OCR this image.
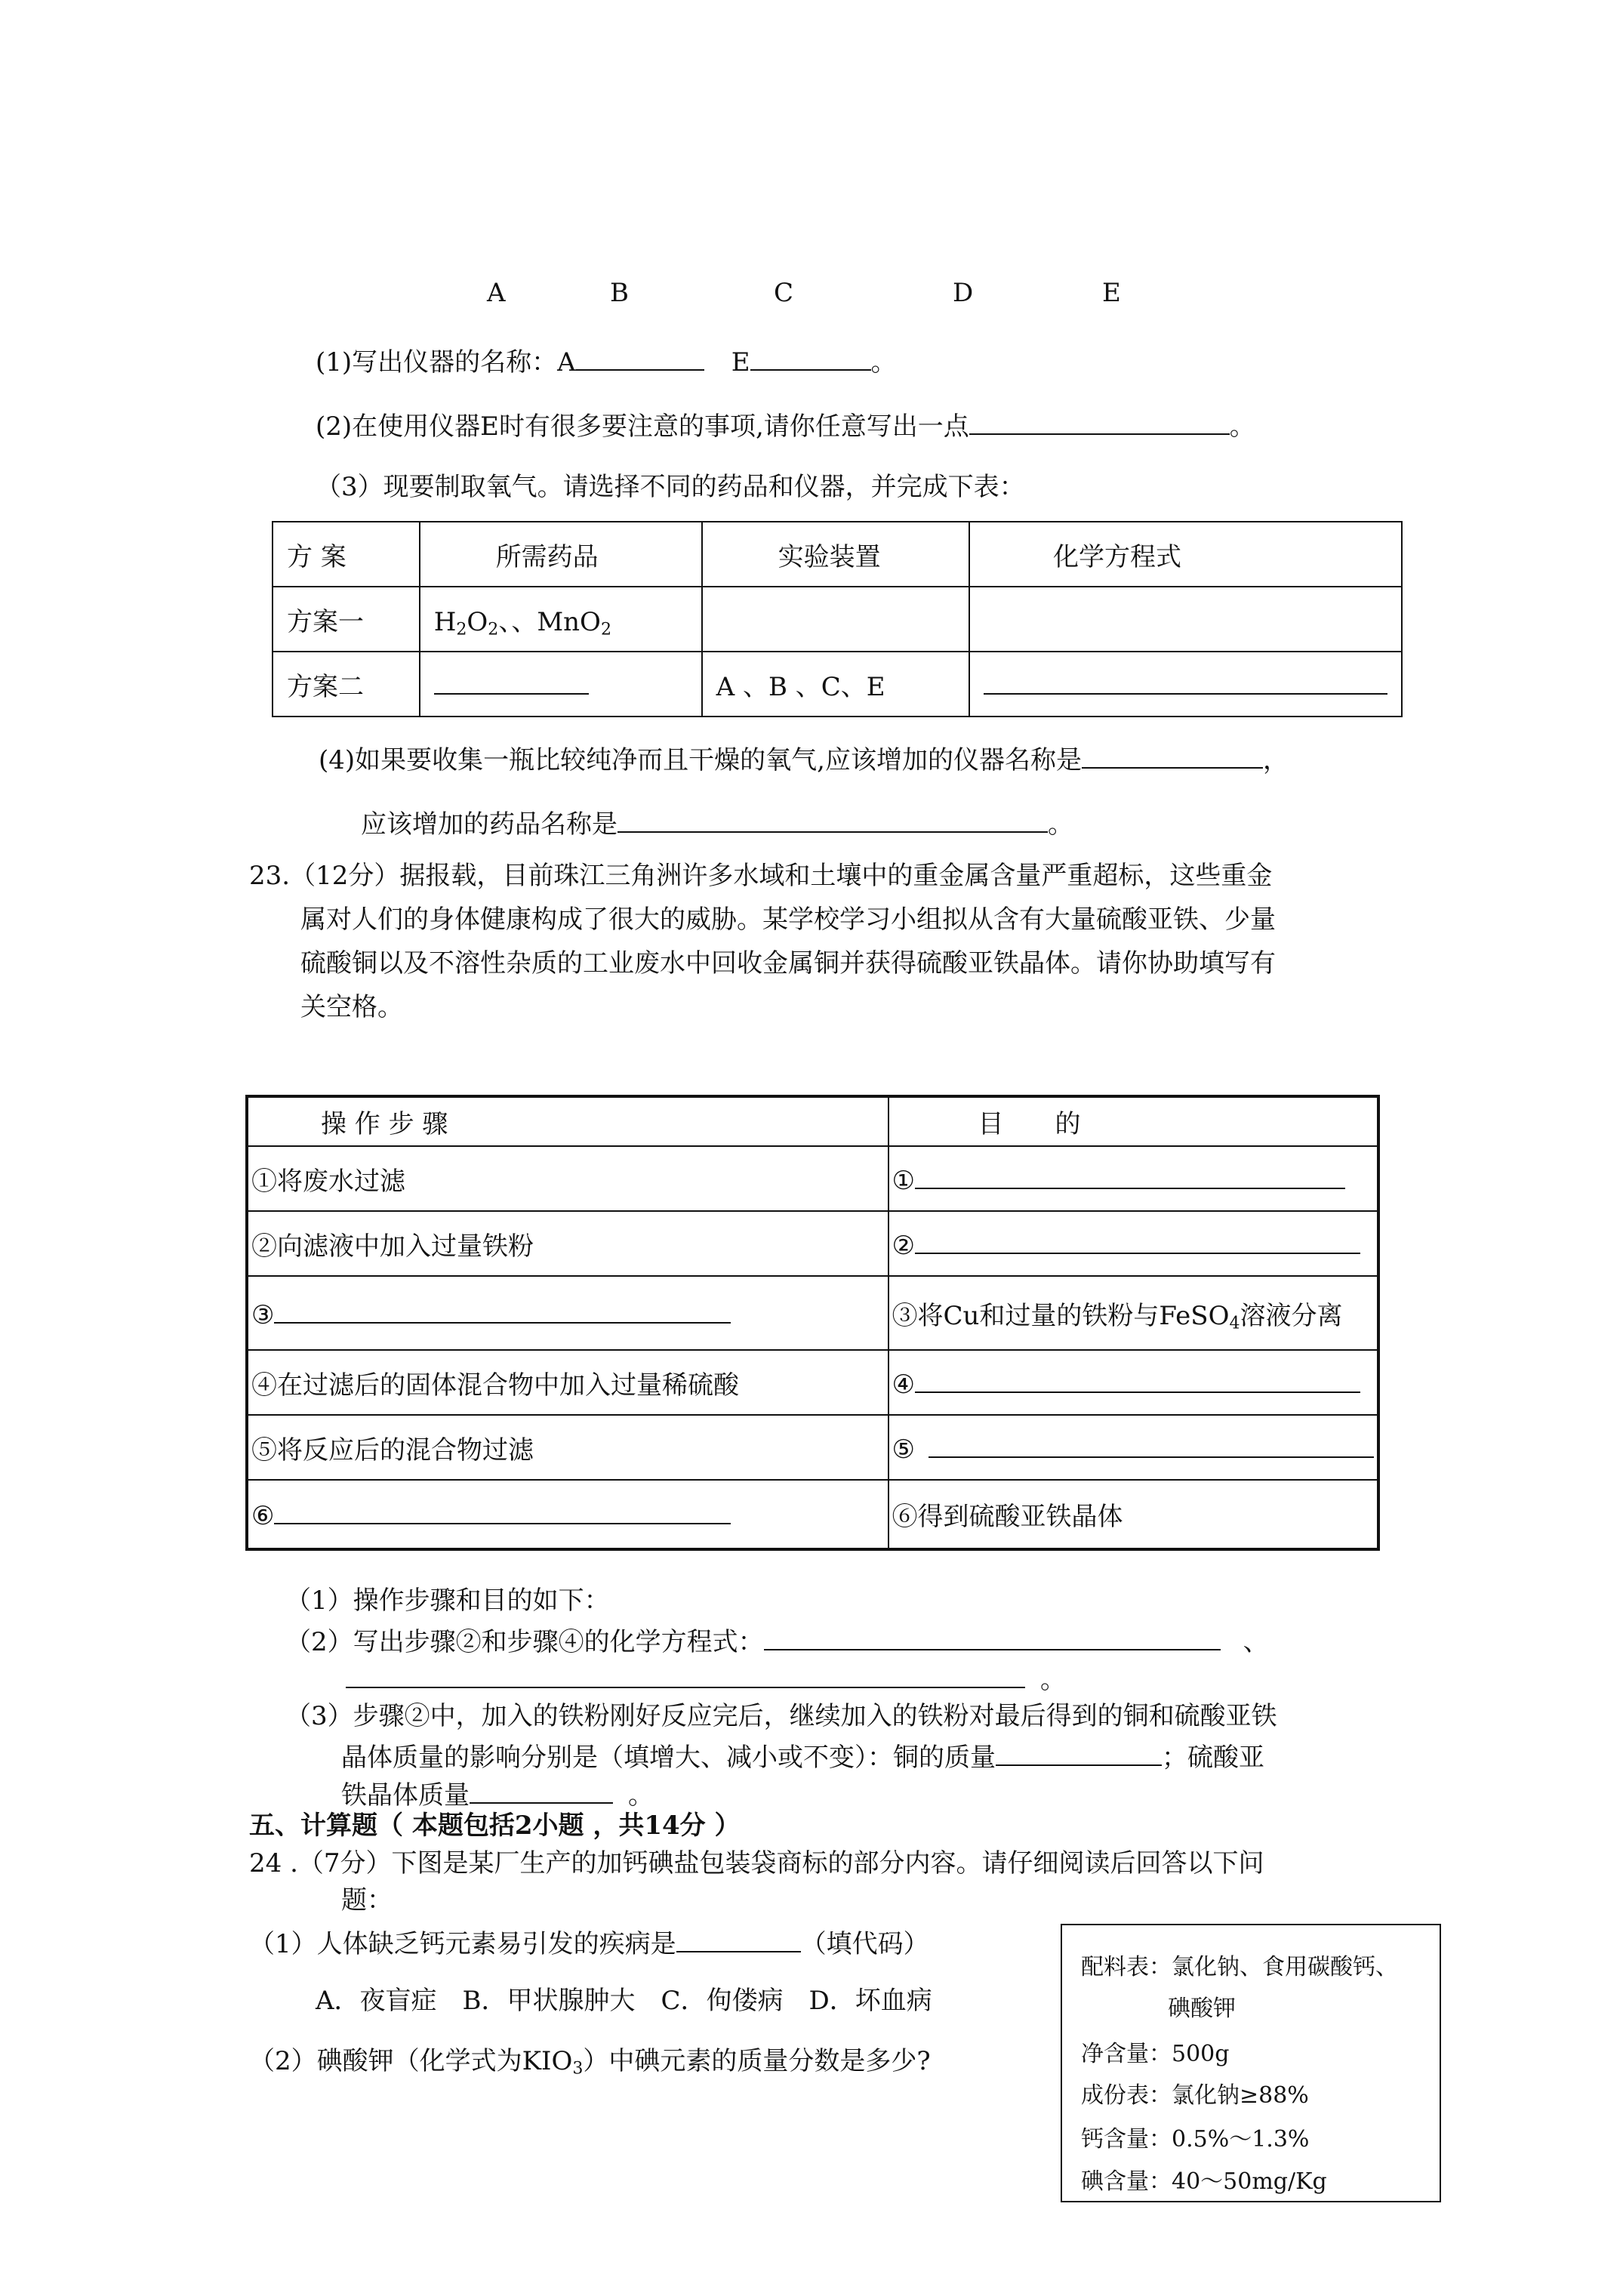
A	B	C	D	E
(1)写出仪器的名称：A	E	。
(2)在使用仪器E时有很多要注意的事项,请你任意写出一点	。
（3）现要制取氧气。请选择不同的药品和仪器，并完成下表：
方 案	所需药品	实验装置	化学方程式
方案一	$H_2O_2$、、MnO$_2$		
方案二		A 、B 、C、E	
(4)如果要收集一瓶比较纯净而且干燥的氧气,应该增加的仪器名称是	，
应该增加的药品名称是	。
23.（12分）据报载，目前珠江三角洲许多水域和土壤中的重金属含量严重超标，这些重金
属对人们的身体健康构成了很大的威胁。某学校学习小组拟从含有大量硫酸亚铁、少量
硫酸铜以及不溶性杂质的工业废水中回收金属铜并获得硫酸亚铁晶体。请你协助填写有
关空格。
操 作 步 骤	目　　的
①将废水过滤	①
②向滤液中加入过量铁粉	②
③	③将Cu和过量的铁粉与FeSO$_4$溶液分离
④在过滤后的固体混合物中加入过量稀硫酸	④
⑤将反应后的混合物过滤	⑤
⑥	⑥得到硫酸亚铁晶体
（1）操作步骤和目的如下：
（2）写出步骤②和步骤④的化学方程式：	、
。
（3）步骤②中，加入的铁粉刚好反应完后，继续加入的铁粉对最后得到的铜和硫酸亚铁
晶体质量的影响分别是（填增大、减小或不变）：铜的质量	；硫酸亚
铁晶体质量	。
五、计算题（ 本题包括2小题 ，共14分 ）
24 .（7分）下图是某厂生产的加钙碘盐包装袋商标的部分内容。请仔细阅读后回答以下问
题：
（1）人体缺乏钙元素易引发的疾病是	（填代码）
A．夜盲症　B．甲状腺肿大　C．佝偻病　D．坏血病
（2）碘酸钾（化学式为$KIO_3$）中碘元素的质量分数是多少?
配料表：氯化钠、食用碳酸钙、
碘酸钾
净含量：500g
成份表：氯化钠≥88%
钙含量：0.5%～1.3%
碘含量：40～50mg/Kg
